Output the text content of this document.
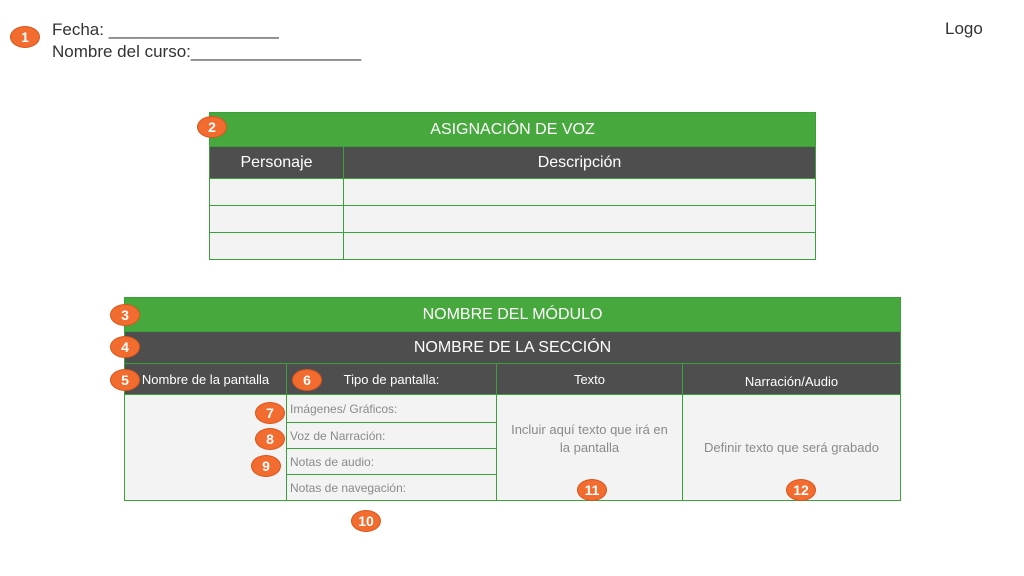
Fecha: __________________
Nombre del curso:__________________
Logo
ASIGNACIÓN DE VOZ	
Personaje	Descripción

NOMBRE DEL MÓDULO			
NOMBRE DE LA SECCIÓN			
Nombre de la pantalla	Tipo de pantalla:	Texto	Narración/Audio
	Imágenes/ Gráficos:	Incluir aquí texto que irá en la pantalla	Definir texto que será grabado
	Voz de Narración:		
	Notas de audio:		
	Notas de navegación:		
1
2
3
4
5	6
7
8
9
10
11	12
